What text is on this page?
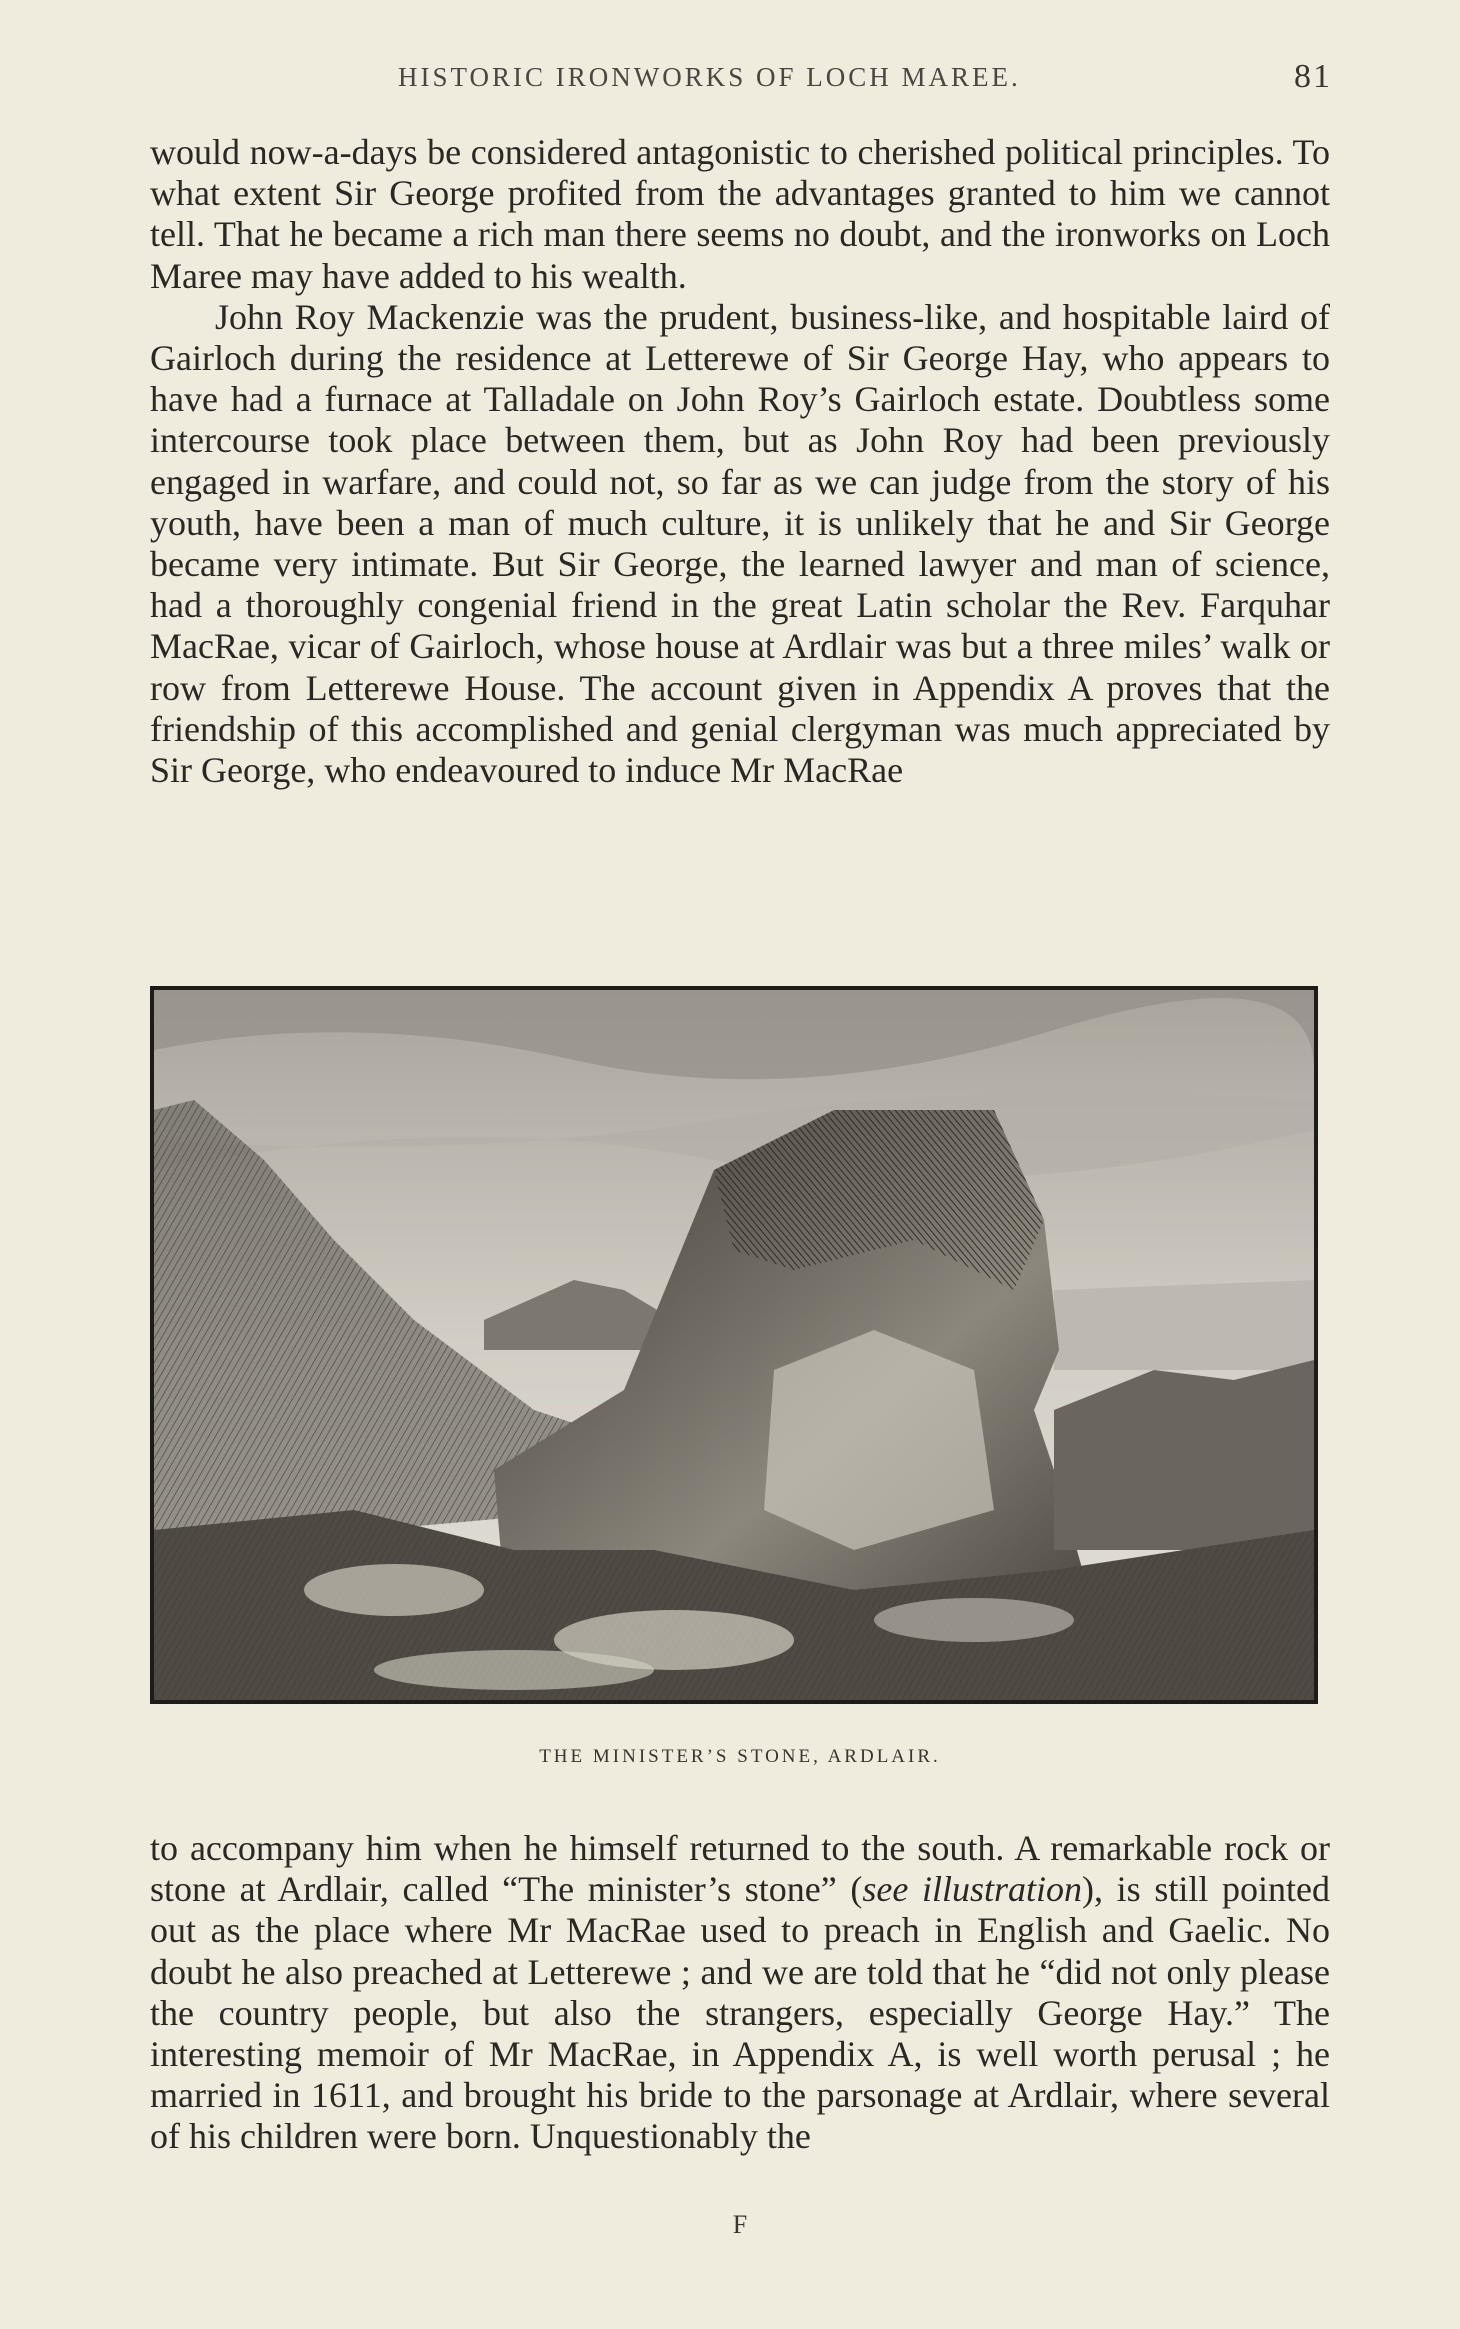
HISTORIC IRONWORKS OF LOCH MAREE.	81

would now-a-days be considered antagonistic to cherished political principles. To what extent Sir George profited from the advantages granted to him we cannot tell. That he became a rich man there seems no doubt, and the ironworks on Loch Maree may have added to his wealth.

John Roy Mackenzie was the prudent, business-like, and hospitable laird of Gairloch during the residence at Letterewe of Sir George Hay, who appears to have had a furnace at Talladale on John Roy’s Gairloch estate. Doubtless some intercourse took place between them, but as John Roy had been previously engaged in warfare, and could not, so far as we can judge from the story of his youth, have been a man of much culture, it is unlikely that he and Sir George became very intimate. But Sir George, the learned lawyer and man of science, had a thoroughly congenial friend in the great Latin scholar the Rev. Farquhar MacRae, vicar of Gairloch, whose house at Ardlair was but a three miles’ walk or row from Letterewe House. The account given in Appendix A proves that the friendship of this accomplished and genial clergyman was much appreciated by Sir George, who endeavoured to induce Mr MacRae

THE MINISTER’S STONE, ARDLAIR.

to accompany him when he himself returned to the south. A remarkable rock or stone at Ardlair, called “The minister’s stone” (see illustration), is still pointed out as the place where Mr MacRae used to preach in English and Gaelic. No doubt he also preached at Letterewe ; and we are told that he “did not only please the country people, but also the strangers, especially George Hay.” The interesting memoir of Mr MacRae, in Appendix A, is well worth perusal ; he married in 1611, and brought his bride to the parsonage at Ardlair, where several of his children were born. Unquestionably the

F
